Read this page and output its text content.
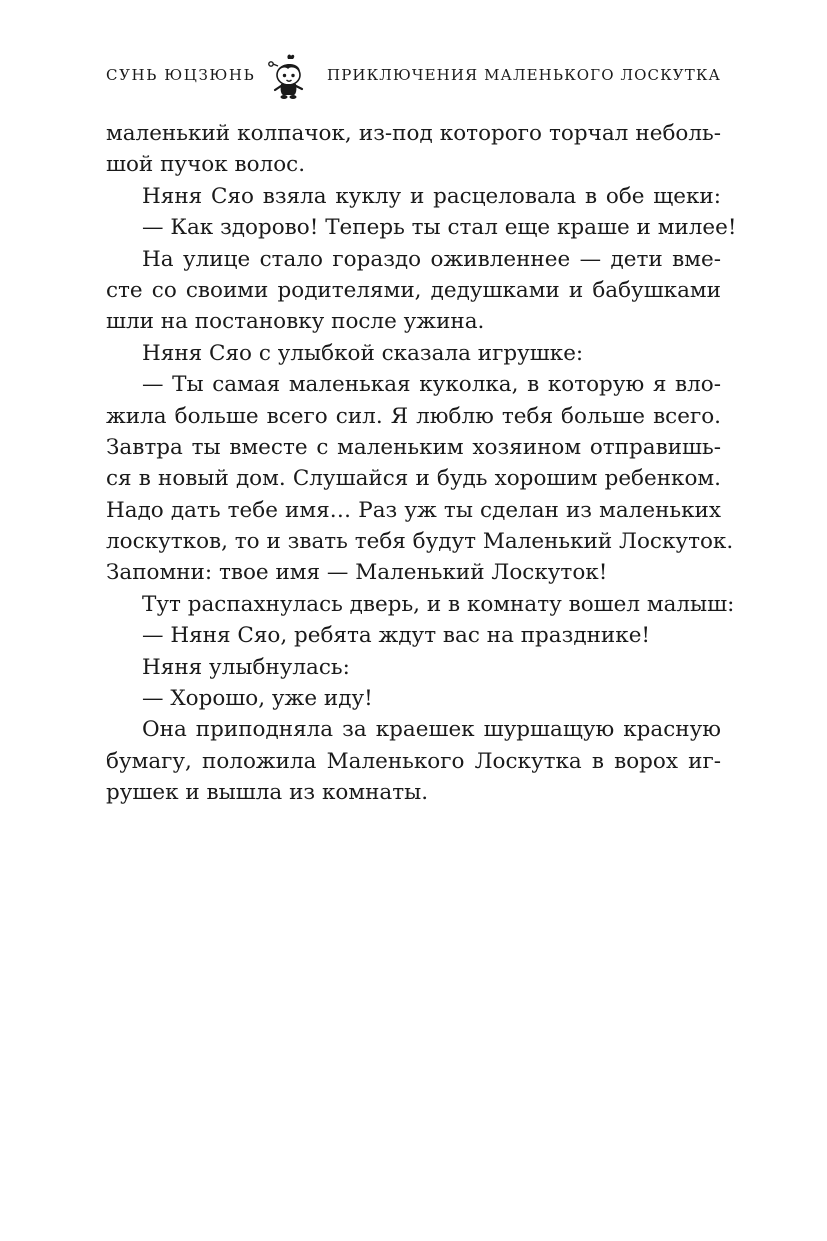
СУНЬ ЮЦЗЮНЬ	ПРИКЛЮЧЕНИЯ МАЛЕНЬКОГО ЛОСКУТКА
маленький колпачок, из-под которого торчал неболь-
шой пучок волос.
Няня Сяо взяла куклу и расцеловала в обе щеки:
— Как здорово! Теперь ты стал еще краше и милее!
На улице стало гораздо оживленнее — дети вме-
сте со своими родителями, дедушками и бабушками
шли на постановку после ужина.
Няня Сяо с улыбкой сказала игрушке:
— Ты самая маленькая куколка, в которую я вло-
жила больше всего сил. Я люблю тебя больше всего.
Завтра ты вместе с маленьким хозяином отправишь-
ся в новый дом. Слушайся и будь хорошим ребенком.
Надо дать тебе имя… Раз уж ты сделан из маленьких
лоскутков, то и звать тебя будут Маленький Лоскуток.
Запомни: твое имя — Маленький Лоскуток!
Тут распахнулась дверь, и в комнату вошел малыш:
— Няня Сяо, ребята ждут вас на празднике!
Няня улыбнулась:
— Хорошо, уже иду!
Она приподняла за краешек шуршащую красную
бумагу, положила Маленького Лоскутка в ворох иг-
рушек и вышла из комнаты.
